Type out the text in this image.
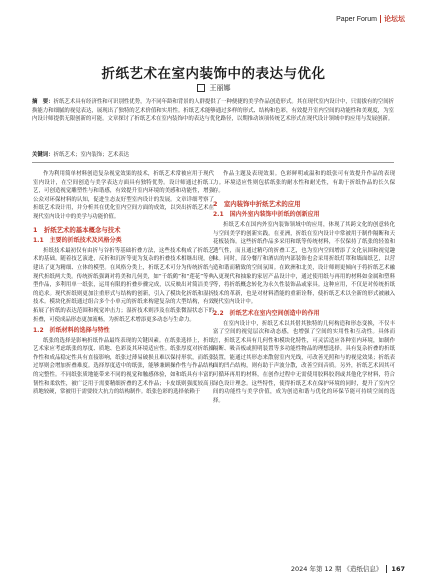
Paper Forum 论坛坛
折纸艺术在室内装饰中的表达与优化
王丽娜
摘　要：折纸艺术具有经济性和可识别性优势，为不同年龄和背景的人群提供了一种便捷的美学作品创造形式。其在现代室内设计中，只需拔有的空间折换能力和细腻的视觉表达，展现出了独特的艺术价值和实用性。折纸艺术能够通过多样的形式、结构和色彩，有效提升室内空间的功能性和美观度，为室内设计师提供无限创新的可能。文章探讨了折纸艺术在室内装饰中的表达与优化路径，以期推动该项传统艺术形式在现代设计领域中的应用与发展创新。
关键词：折纸艺术；室内装饰；艺术表达

作为利用简单材料创造复杂视觉效果的技术，折纸艺术常被应用于现代室内设计，在空间创造与美学表达方面具有独特优势。设计师通过折纸工艺，可创造视觉雕塑性与和谐感，有效提升室内环境的美感和功能性，增强公众对环保材料的认知，促进生态友好型室内设计的发展。文章详细考察了折纸艺术设计用，并分析其在优化室内空间方面的成效，以突出折纸艺术在现代室内设计中的美学与功能价值。

1　折纸艺术的基本概念与技术
1.1　主要的折纸技术及风格分类

折纸技术最初仅有由折与谷折等基础折叠方法，这些技术构成了折纸艺术的基础。随着技艺演进，反折和沉折等更为复杂的折叠技术相继出现，创建出了更为精细、立体的模型。在风格分类上，折纸艺术可分为传统折纸与现代折纸两大类。传统折纸强调对将美和几何美，如“千纸鹤”和“莲花”等典型作品，多利用单一纸张，运用有限的折叠步骤完成，以反映出对简洁美学的追求。现代折纸则更加注重形式与结构的创新，引入了模块化折纸和湿折技术。模块化折纸通过组合多个小单元的折纸来构建复杂的大型结构，有效拓展了折纸的表达范围和视觉冲击力；湿折技术则涉及在纸张微湿状态下的折叠，可使成品形态更加流畅，为折纸艺术增添更多动态与生命力。

1.2　折纸材料的选择与特性

纸张的选择是影响折纸作品最终表现的关键因素。在纸张选择上，折纸艺术家应考虑纸张的厚度、质地、色彩及其环境适应性。纸张厚度对折纸操作性和成品稳定性具有直接影响，纸张过薄易破损且难以保持形状，而纸张过厚则会增加折叠难度。选择厚度适中的纸张，能够兼顾操作性与作品结构的完整性。不同纸张质地能带来不同的视觉和触感体验，如和纸具有丰富的韧性和柔软性，被广泛用于需要精细折叠的艺术作品；卡皮纸则强度较高且质地较硬，常被用于需要较大抗力的结构制作。纸张色彩的选择依赖于

作品主题及表现效果。色彩鲜明或温和的纸张可有效提升作品的表现力。环境适应性则包括纸张的耐水性和耐光性，有助于折纸作品的长久保存。

2　室内装饰中折纸艺术的应用
2.1　国内外室内装饰中折纸的创新应用

折纸艺术在国内外室内装饰领域中的应用，体现了其跨文化的创意转化与空间美学的创新实践。在亚洲，折纸在室内设计中常被用于制作隔断和天花板装饰。这些折纸作品多采用和纸等传统材料，不仅保持了纸张的轻盈和透气性，而且通过精巧的折叠工艺，也为室内空间增添了文化氛围和视觉趣味。同时，部分餐厅和酒店的内部装饰也会采用折纸灯罩和墙面纸艺，以营造和谐而精致的空间氛围。在欧洲和北美，设计师则更倾向于将折纸艺术融入更现代和抽象的家居产品设计中，通过使用纸与再用的材料如金属和塑料等，将折纸概念转化为永久性装饰品或家具。这种应用，不仅是对传统折纸技术的革新，也是对材料潜能的重新诠释，使折纸艺术以全新的形式被融入现代室内设计中。

2.2　折纸艺术在室内空间创造中的作用

在室内设计中，折纸艺术以其借其独特的几何构造和形态变换，不仅丰富了空间的视觉层次和动态感，也增强了空间的实用性和互动性。具体而言，折纸艺术具有几何性和模块化特性，可灵活适应各种室内环境，如制作隔断、吸音板或照明装置等多功能性物品的理想选择。具有复杂折叠的折纸装置，能通过其形态来散射室内光线，可改善光照和与的视觉效果；折纸表面的凹凸结构，则有助于声波分散，改善空间音质。另外，折纸艺术因其可可循环再用的材料，在创作过程中无需使用胶料胶剂或其他化学材料，符合绿色设计理念。这些特性，使得折纸艺术在保护环境的同时，提升了室内空间的功能性与美学价值，成为创造和谐与优化的环保节能可持续空间的选择。

2024 年第 12 期 《造纸信息》 167
